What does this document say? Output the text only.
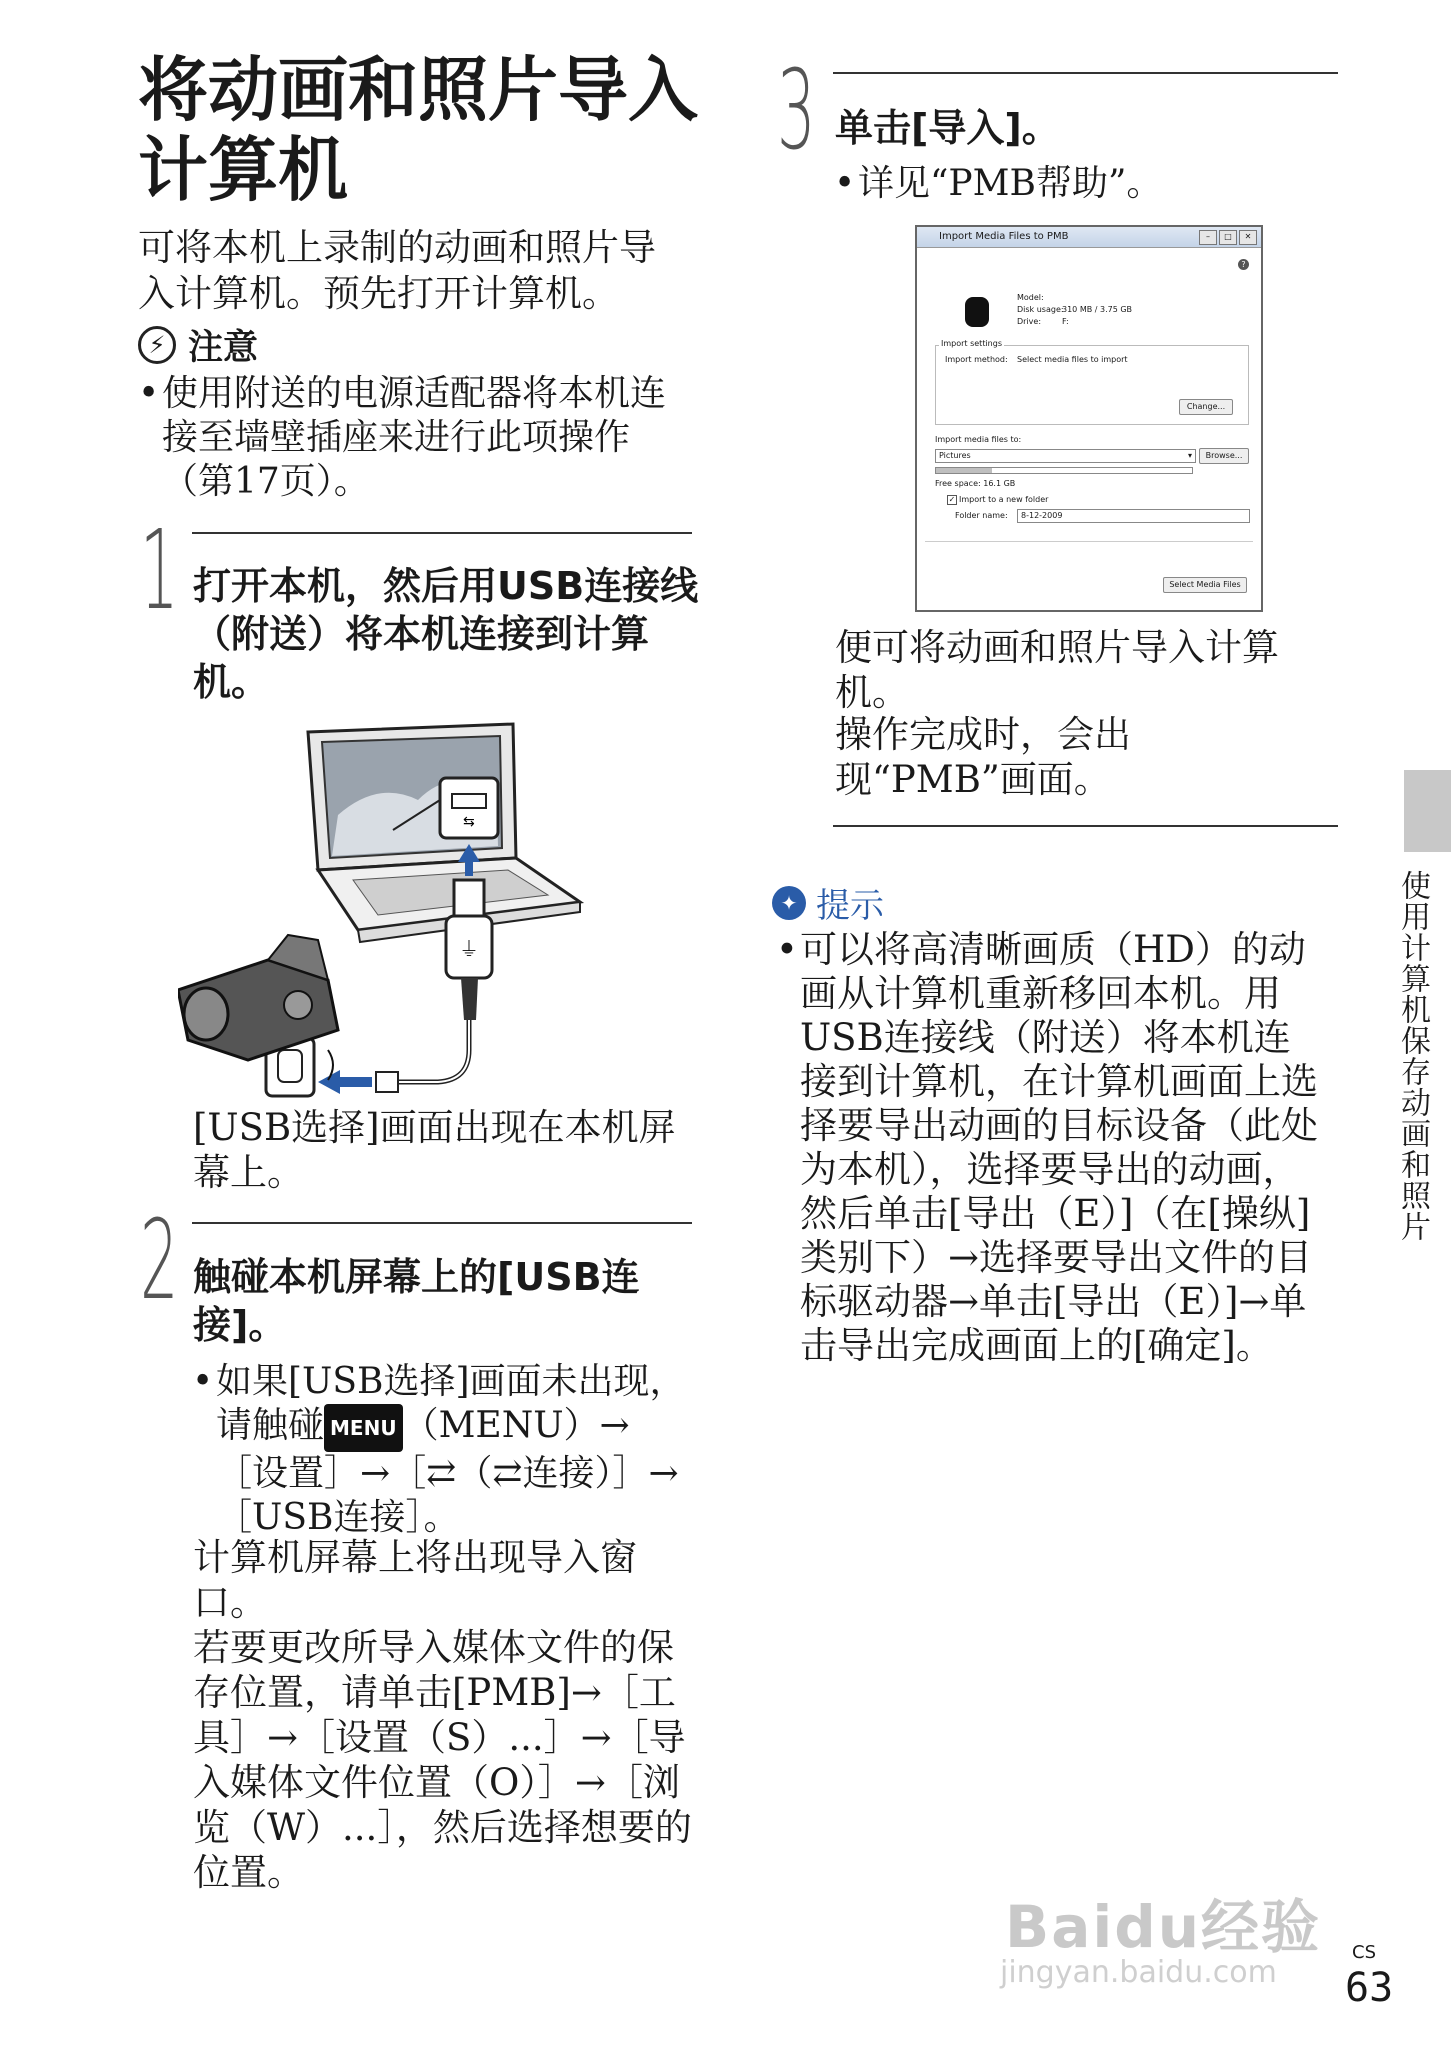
将动画和照片导入计算机
可将本机上录制的动画和照片导入计算机。预先打开计算机。
⚡ 注意
• 使用附送的电源适配器将本机连接至墙壁插座来进行此项操作（第17页）。
1 打开本机，然后用USB连接线（附送）将本机连接到计算机。
⇆
⏚
[USB选择]画面出现在本机屏幕上。
2 触碰本机屏幕上的[USB连接]。
• 如果[USB选择]画面未出现，请触碰 MENU （MENU）→［设置］→［⇄（⇄连接）］→［USB连接］。
计算机屏幕上将出现导入窗口。
若要更改所导入媒体文件的保存位置，请单击[PMB]→［工具］→［设置（S）...］→［导入媒体文件位置（O）］→［浏览（W）...］，然后选择想要的位置。
3 单击[导入]。
• 详见“PMB帮助”。
Import Media Files to PMB	–	□	✕
?
Model:
Disk usage:
310 MB / 3.75 GB
Drive:	F:
Import settings
Import method: Select media files to import
Change...
Import media files to:
Pictures	▾	Browse...
Free space: 16.1 GB
✓ Import to a new folder
Folder name:	8-12-2009
Select Media Files
便可将动画和照片导入计算机。
操作完成时，会出现“PMB”画面。
✦ 提示
• 可以将高清晰画质（HD）的动画从计算机重新移回本机。用USB连接线（附送）将本机连接到计算机，在计算机画面上选择要导出动画的目标设备（此处为本机），选择要导出的动画，然后单击[导出（E）]（在[操纵]类别下）→选择要导出文件的目标驱动器→单击[导出（E）]→单击导出完成画面上的[确定]。
使用计算机保存动画和照片
Baidu经验
jingyan.baidu.com
CS
63
